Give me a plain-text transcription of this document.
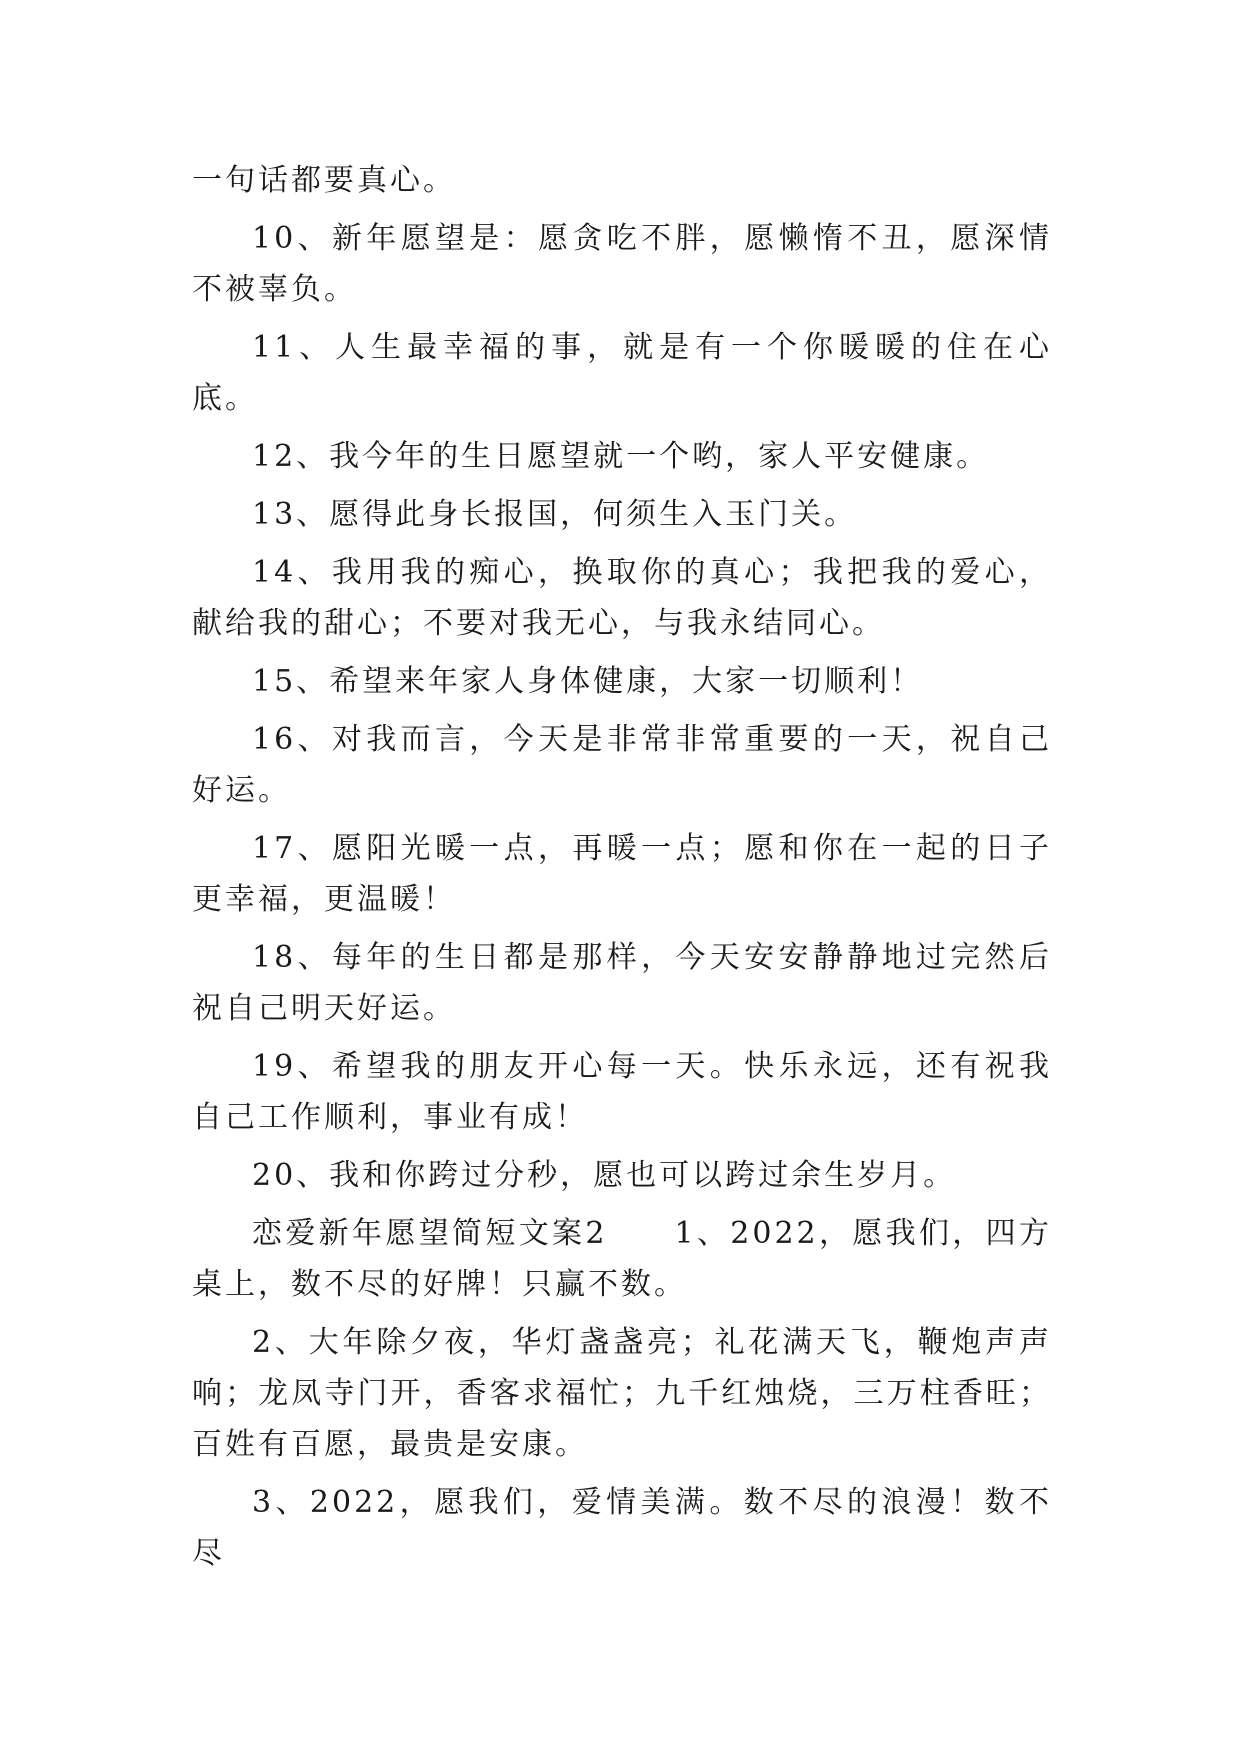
一句话都要真心。

10、新年愿望是：愿贪吃不胖，愿懒惰不丑，愿深情不被辜负。

11、人生最幸福的事，就是有一个你暖暖的住在心底。

12、我今年的生日愿望就一个哟，家人平安健康。

13、愿得此身长报国，何须生入玉门关。

14、我用我的痴心，换取你的真心；我把我的爱心，献给我的甜心；不要对我无心，与我永结同心。

15、希望来年家人身体健康，大家一切顺利！

16、对我而言，今天是非常非常重要的一天，祝自己好运。

17、愿阳光暖一点，再暖一点；愿和你在一起的日子更幸福，更温暖！

18、每年的生日都是那样，今天安安静静地过完然后祝自己明天好运。

19、希望我的朋友开心每一天。快乐永远，还有祝我自己工作顺利，事业有成！

20、我和你跨过分秒，愿也可以跨过余生岁月。

恋爱新年愿望简短文案2　　1、2022，愿我们，四方桌上，数不尽的好牌！只赢不数。

2、大年除夕夜，华灯盏盏亮；礼花满天飞，鞭炮声声响；龙凤寺门开，香客求福忙；九千红烛烧，三万柱香旺；百姓有百愿，最贵是安康。

3、2022，愿我们，爱情美满。数不尽的浪漫！数不尽
